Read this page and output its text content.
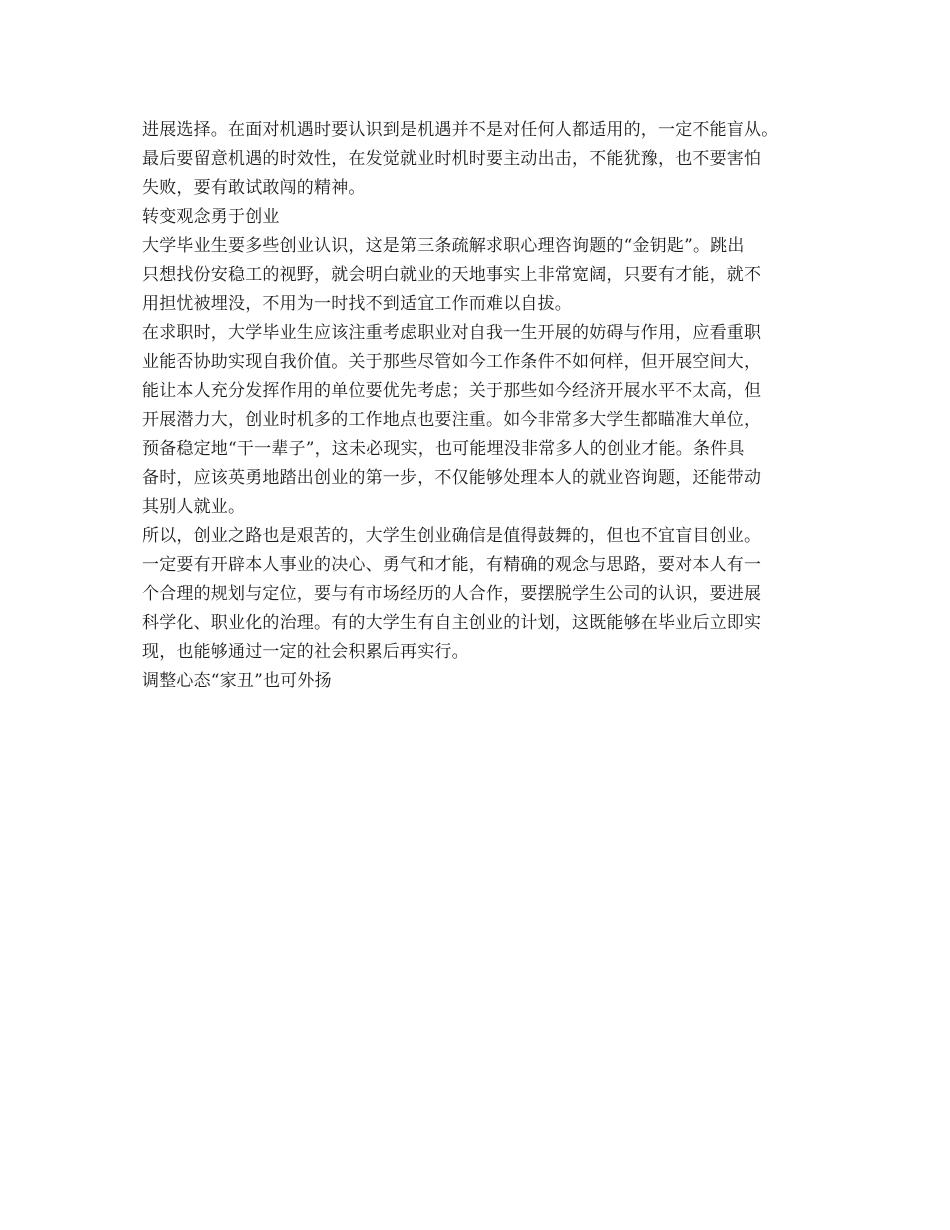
进展选择。在面对机遇时要认识到是机遇并不是对任何人都适用的，一定不能盲从。
最后要留意机遇的时效性，在发觉就业时机时要主动出击，不能犹豫，也不要害怕
失败，要有敢试敢闯的精神。
转变观念勇于创业
大学毕业生要多些创业认识，这是第三条疏解求职心理咨询题的“金钥匙”。跳出
只想找份安稳工的视野，就会明白就业的天地事实上非常宽阔，只要有才能，就不
用担忧被埋没，不用为一时找不到适宜工作而难以自拔。
在求职时，大学毕业生应该注重考虑职业对自我一生开展的妨碍与作用，应看重职
业能否协助实现自我价值。关于那些尽管如今工作条件不如何样，但开展空间大，
能让本人充分发挥作用的单位要优先考虑；关于那些如今经济开展水平不太高，但
开展潜力大，创业时机多的工作地点也要注重。如今非常多大学生都瞄准大单位，
预备稳定地“干一辈子”，这未必现实，也可能埋没非常多人的创业才能。条件具
备时，应该英勇地踏出创业的第一步，不仅能够处理本人的就业咨询题，还能带动
其别人就业。
所以，创业之路也是艰苦的，大学生创业确信是值得鼓舞的，但也不宜盲目创业。
一定要有开辟本人事业的决心、勇气和才能，有精确的观念与思路，要对本人有一
个合理的规划与定位，要与有市场经历的人合作，要摆脱学生公司的认识，要进展
科学化、职业化的治理。有的大学生有自主创业的计划，这既能够在毕业后立即实
现，也能够通过一定的社会积累后再实行。
调整心态“家丑”也可外扬
